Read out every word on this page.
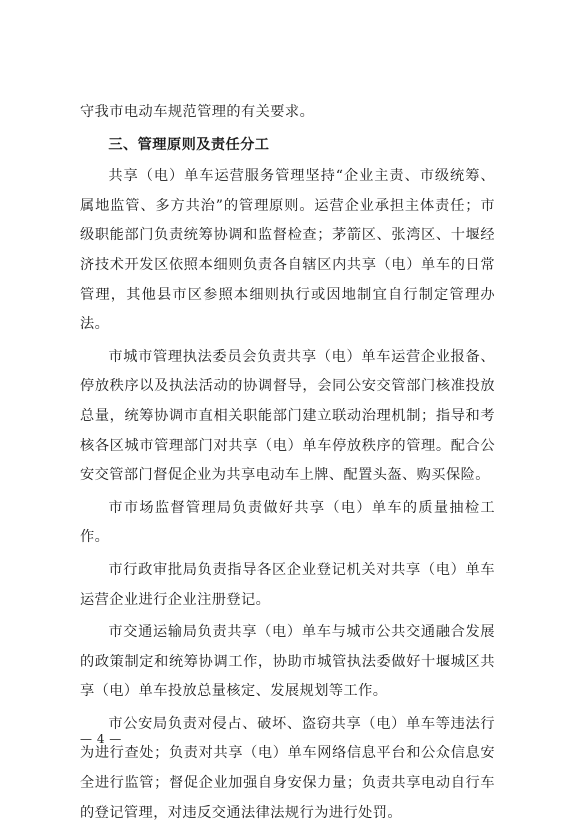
守我市电动车规范管理的有关要求。

三、管理原则及责任分工

共享（电）单车运营服务管理坚持“企业主责、市级统筹、属地监管、多方共治”的管理原则。运营企业承担主体责任；市级职能部门负责统筹协调和监督检查；茅箭区、张湾区、十堰经济技术开发区依照本细则负责各自辖区内共享（电）单车的日常管理，其他县市区参照本细则执行或因地制宜自行制定管理办法。

市城市管理执法委员会负责共享（电）单车运营企业报备、停放秩序以及执法活动的协调督导，会同公安交管部门核准投放总量，统筹协调市直相关职能部门建立联动治理机制；指导和考核各区城市管理部门对共享（电）单车停放秩序的管理。配合公安交管部门督促企业为共享电动车上牌、配置头盔、购买保险。

市市场监督管理局负责做好共享（电）单车的质量抽检工作。

市行政审批局负责指导各区企业登记机关对共享（电）单车运营企业进行企业注册登记。

市交通运输局负责共享（电）单车与城市公共交通融合发展的政策制定和统筹协调工作，协助市城管执法委做好十堰城区共享（电）单车投放总量核定、发展规划等工作。

市公安局负责对侵占、破坏、盗窃共享（电）单车等违法行为进行查处；负责对共享（电）单车网络信息平台和公众信息安全进行监管；督促企业加强自身安保力量；负责共享电动自行车的登记管理，对违反交通法律法规行为进行处罚。

— 4 —
